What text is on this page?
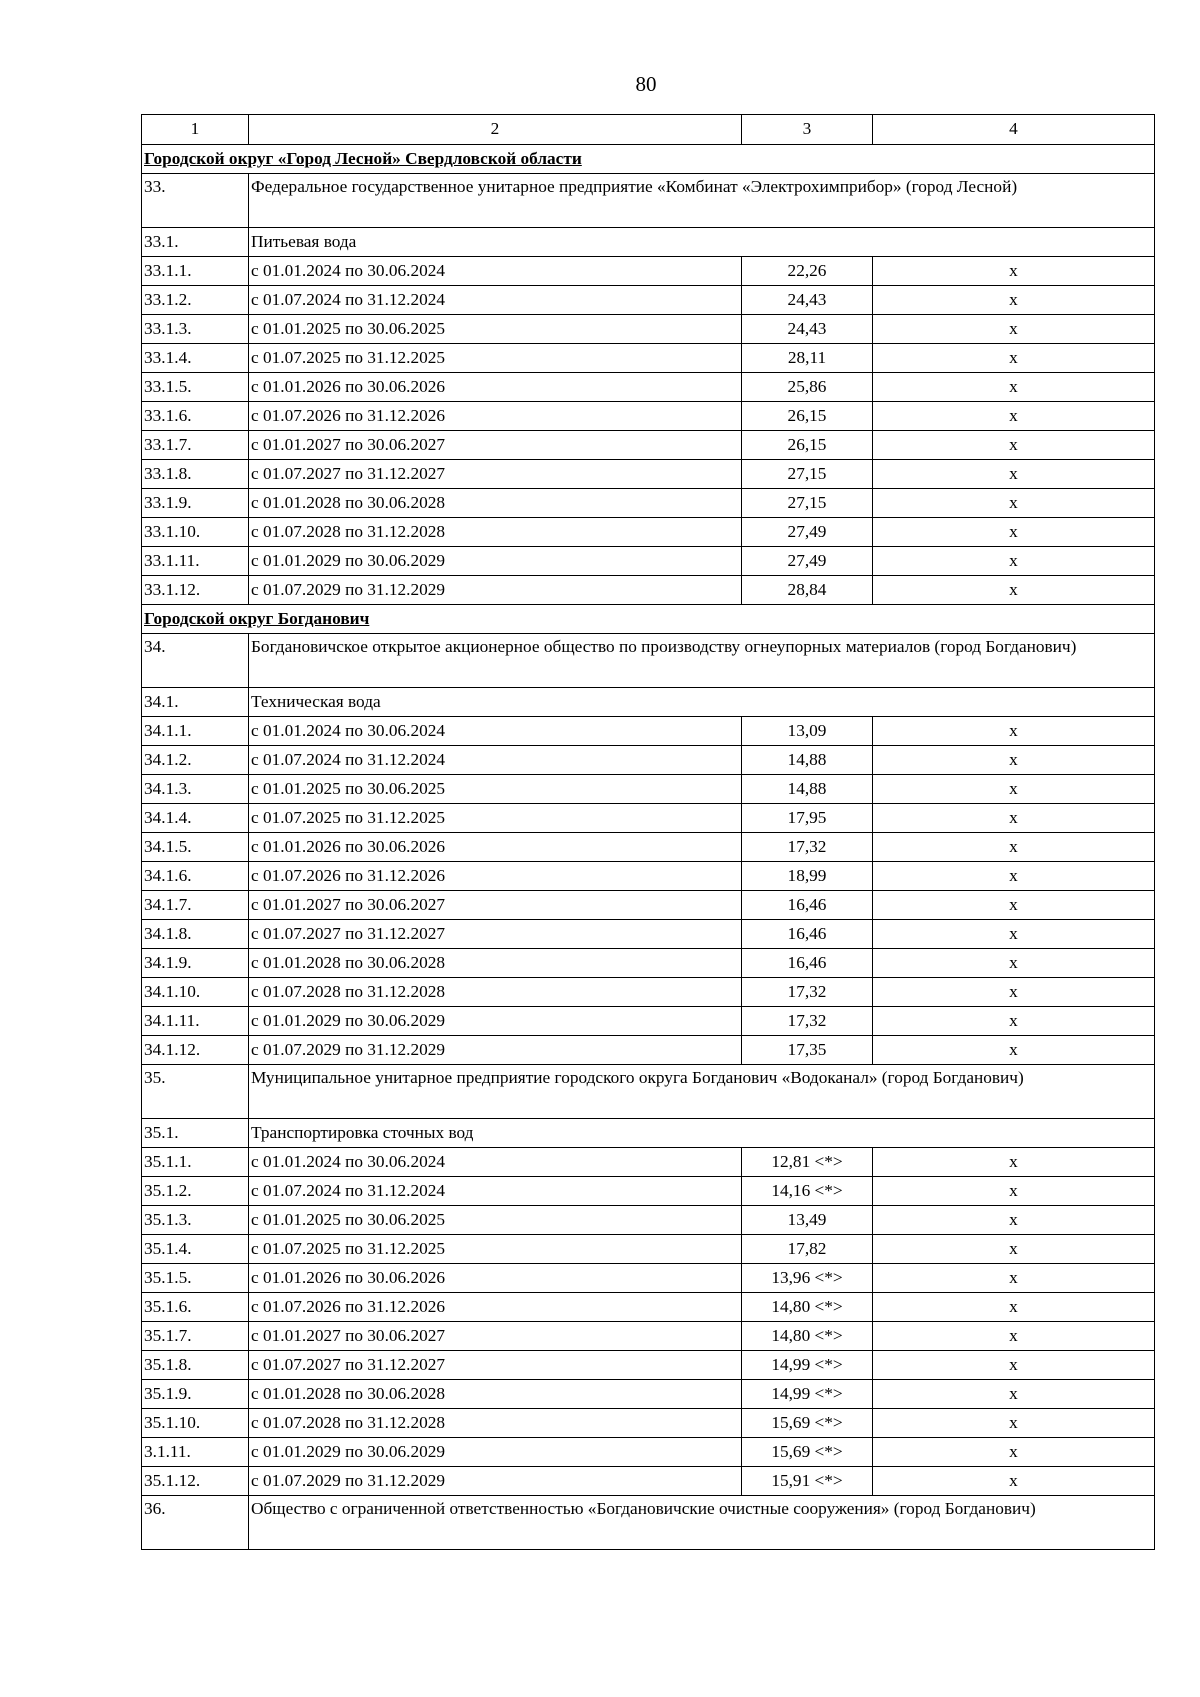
80
1	2	3	4
Городской округ «Город Лесной» Свердловской области			
33.	Федеральное государственное унитарное предприятие «Комбинат «Электрохимприбор» (город Лесной)		
33.1.	Питьевая вода		
33.1.1.	с 01.01.2024 по 30.06.2024	22,26	x
33.1.2.	с 01.07.2024 по 31.12.2024	24,43	x
33.1.3.	с 01.01.2025 по 30.06.2025	24,43	x
33.1.4.	с 01.07.2025 по 31.12.2025	28,11	x
33.1.5.	с 01.01.2026 по 30.06.2026	25,86	x
33.1.6.	с 01.07.2026 по 31.12.2026	26,15	x
33.1.7.	с 01.01.2027 по 30.06.2027	26,15	x
33.1.8.	с 01.07.2027 по 31.12.2027	27,15	x
33.1.9.	с 01.01.2028 по 30.06.2028	27,15	x
33.1.10.	с 01.07.2028 по 31.12.2028	27,49	x
33.1.11.	с 01.01.2029 по 30.06.2029	27,49	x
33.1.12.	с 01.07.2029 по 31.12.2029	28,84	x
Городской округ Богданович			
34.	Богдановичское открытое акционерное общество по производству огнеупорных материалов (город Богданович)		
34.1.	Техническая вода		
34.1.1.	с 01.01.2024 по 30.06.2024	13,09	x
34.1.2.	с 01.07.2024 по 31.12.2024	14,88	x
34.1.3.	с 01.01.2025 по 30.06.2025	14,88	x
34.1.4.	с 01.07.2025 по 31.12.2025	17,95	x
34.1.5.	с 01.01.2026 по 30.06.2026	17,32	x
34.1.6.	с 01.07.2026 по 31.12.2026	18,99	x
34.1.7.	с 01.01.2027 по 30.06.2027	16,46	x
34.1.8.	с 01.07.2027 по 31.12.2027	16,46	x
34.1.9.	с 01.01.2028 по 30.06.2028	16,46	x
34.1.10.	с 01.07.2028 по 31.12.2028	17,32	x
34.1.11.	с 01.01.2029 по 30.06.2029	17,32	x
34.1.12.	с 01.07.2029 по 31.12.2029	17,35	x
35.	Муниципальное унитарное предприятие городского округа Богданович «Водоканал» (город Богданович)		
35.1.	Транспортировка сточных вод		
35.1.1.	с 01.01.2024 по 30.06.2024	12,81 <*>	x
35.1.2.	с 01.07.2024 по 31.12.2024	14,16 <*>	x
35.1.3.	с 01.01.2025 по 30.06.2025	13,49	x
35.1.4.	с 01.07.2025 по 31.12.2025	17,82	x
35.1.5.	с 01.01.2026 по 30.06.2026	13,96 <*>	x
35.1.6.	с 01.07.2026 по 31.12.2026	14,80 <*>	x
35.1.7.	с 01.01.2027 по 30.06.2027	14,80 <*>	x
35.1.8.	с 01.07.2027 по 31.12.2027	14,99 <*>	x
35.1.9.	с 01.01.2028 по 30.06.2028	14,99 <*>	x
35.1.10.	с 01.07.2028 по 31.12.2028	15,69 <*>	x
3.1.11.	с 01.01.2029 по 30.06.2029	15,69 <*>	x
35.1.12.	с 01.07.2029 по 31.12.2029	15,91 <*>	x
36.	Общество с ограниченной ответственностью «Богдановичские очистные сооружения» (город Богданович)		
